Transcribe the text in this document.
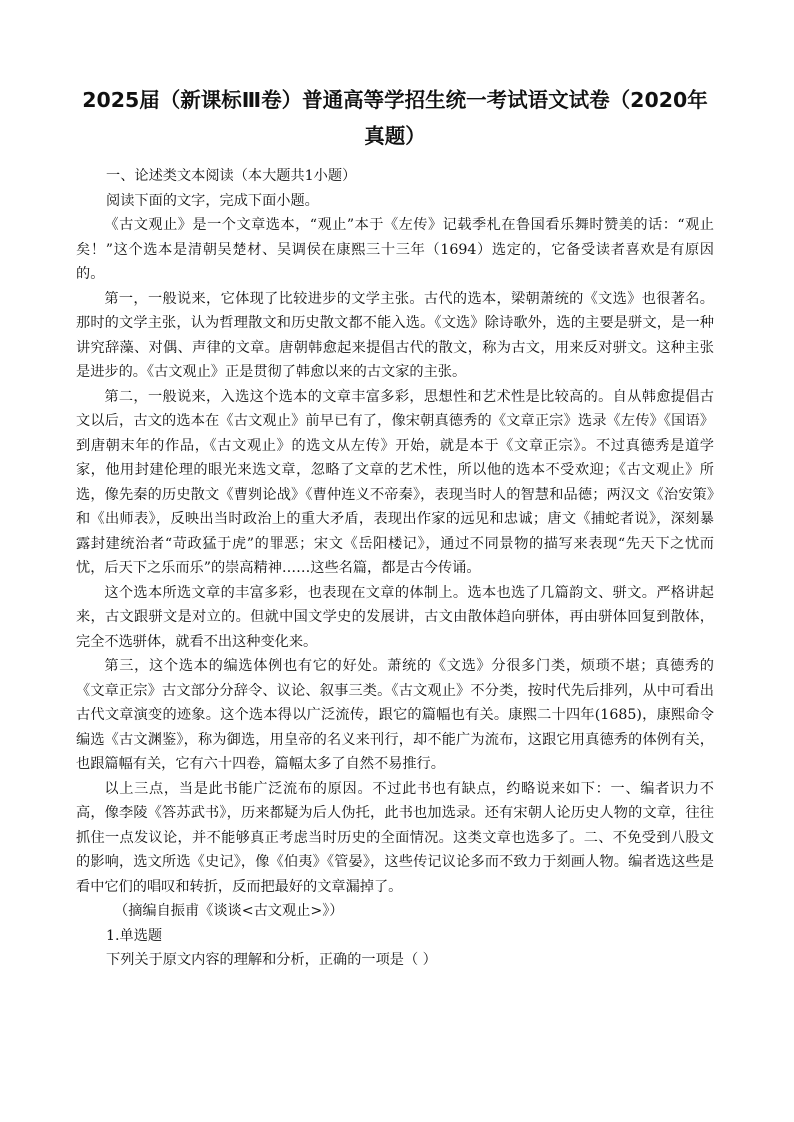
2025届（新课标Ⅲ卷）普通高等学招生统一考试语文试卷（2020年真题）

一、论述类文本阅读（本大题共1小题）

阅读下面的文字，完成下面小题。

《古文观止》是一个文章选本，“观止”本于《左传》记载季札在鲁国看乐舞时赞美的话：“观止矣！”这个选本是清朝吴楚材、吴调侯在康熙三十三年（1694）选定的，它备受读者喜欢是有原因的。

第一，一般说来，它体现了比较进步的文学主张。古代的选本，梁朝萧统的《文选》也很著名。那时的文学主张，认为哲理散文和历史散文都不能入选。《文选》除诗歌外，选的主要是骈文，是一种讲究辞藻、对偶、声律的文章。唐朝韩愈起来提倡古代的散文，称为古文，用来反对骈文。这种主张是进步的。《古文观止》正是贯彻了韩愈以来的古文家的主张。

第二，一般说来，入选这个选本的文章丰富多彩，思想性和艺术性是比较高的。自从韩愈提倡古文以后，古文的选本在《古文观止》前早已有了，像宋朝真德秀的《文章正宗》选录《左传》《国语》到唐朝末年的作品，《古文观止》的选文从左传》开始，就是本于《文章正宗》。不过真德秀是道学家，他用封建伦理的眼光来选文章，忽略了文章的艺术性，所以他的选本不受欢迎；《古文观止》所选，像先秦的历史散文《曹刿论战》《曹仲连义不帝秦》，表现当时人的智慧和品德；两汉文《治安策》和《出师表》，反映出当时政治上的重大矛盾，表现出作家的远见和忠诚；唐文《捕蛇者说》，深刻暴露封建统治者“苛政猛于虎”的罪恶；宋文《岳阳楼记》，通过不同景物的描写来表现“先天下之忧而忧，后天下之乐而乐”的崇高精神……这些名篇，都是古今传诵。

这个选本所选文章的丰富多彩，也表现在文章的体制上。选本也选了几篇韵文、骈文。严格讲起来，古文跟骈文是对立的。但就中国文学史的发展讲，古文由散体趋向骈体，再由骈体回复到散体，完全不选骈体，就看不出这种变化来。

第三，这个选本的编选体例也有它的好处。萧统的《文选》分很多门类，烦琐不堪；真德秀的《文章正宗》古文部分分辞令、议论、叙事三类。《古文观止》不分类，按时代先后排列，从中可看出古代文章演变的迹象。这个选本得以广泛流传，跟它的篇幅也有关。康熙二十四年(1685)，康熙命令编选《古文渊鉴》，称为御选，用皇帝的名义来刊行，却不能广为流布，这跟它用真德秀的体例有关，也跟篇幅有关，它有六十四卷，篇幅太多了自然不易推行。

以上三点，当是此书能广泛流布的原因。不过此书也有缺点，约略说来如下：一、编者识力不高，像李陵《答苏武书》，历来都疑为后人伪托，此书也加选录。还有宋朝人论历史人物的文章，往往抓住一点发议论，并不能够真正考虑当时历史的全面情况。这类文章也选多了。二、不免受到八股文的影响，选文所选《史记》，像《伯夷》《管晏》，这些传记议论多而不致力于刻画人物。编者选这些是看中它们的唱叹和转折，反而把最好的文章漏掉了。

（摘编自振甫《谈谈<古文观止>》）

1.单选题

下列关于原文内容的理解和分析，正确的一项是（ ）
